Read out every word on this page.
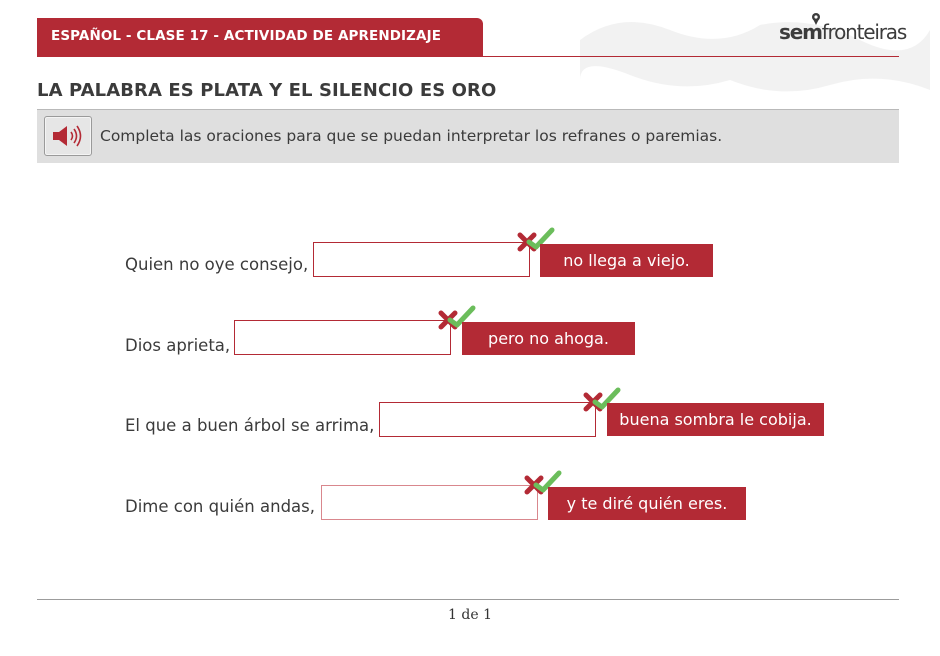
ESPAÑOL - CLASE 17 - ACTIVIDAD DE APRENDIZAJE	semfronteiras
LA PALABRA ES PLATA Y EL SILENCIO ES ORO
Completa las oraciones para que se puedan interpretar los refranes o paremias.
Quien no oye consejo,	no llega a viejo.
Dios aprieta,	pero no ahoga.
El que a buen árbol se arrima,	buena sombra le cobija.
Dime con quién andas,	y te diré quién eres.
1 de 1
